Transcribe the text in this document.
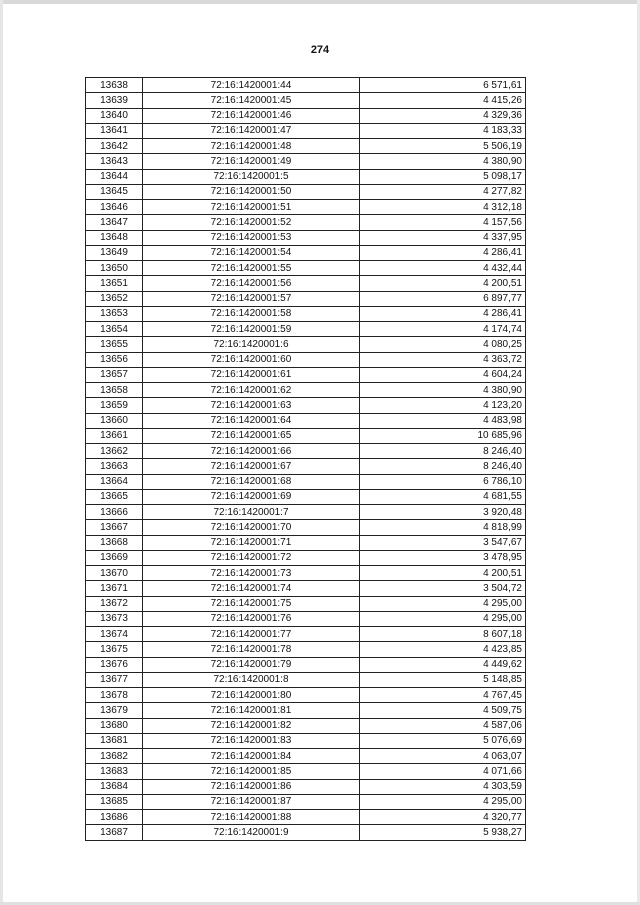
274
13638	72:16:1420001:44	6 571,61
13639	72:16:1420001:45	4 415,26
13640	72:16:1420001:46	4 329,36
13641	72:16:1420001:47	4 183,33
13642	72:16:1420001:48	5 506,19
13643	72:16:1420001:49	4 380,90
13644	72:16:1420001:5	5 098,17
13645	72:16:1420001:50	4 277,82
13646	72:16:1420001:51	4 312,18
13647	72:16:1420001:52	4 157,56
13648	72:16:1420001:53	4 337,95
13649	72:16:1420001:54	4 286,41
13650	72:16:1420001:55	4 432,44
13651	72:16:1420001:56	4 200,51
13652	72:16:1420001:57	6 897,77
13653	72:16:1420001:58	4 286,41
13654	72:16:1420001:59	4 174,74
13655	72:16:1420001:6	4 080,25
13656	72:16:1420001:60	4 363,72
13657	72:16:1420001:61	4 604,24
13658	72:16:1420001:62	4 380,90
13659	72:16:1420001:63	4 123,20
13660	72:16:1420001:64	4 483,98
13661	72:16:1420001:65	10 685,96
13662	72:16:1420001:66	8 246,40
13663	72:16:1420001:67	8 246,40
13664	72:16:1420001:68	6 786,10
13665	72:16:1420001:69	4 681,55
13666	72:16:1420001:7	3 920,48
13667	72:16:1420001:70	4 818,99
13668	72:16:1420001:71	3 547,67
13669	72:16:1420001:72	3 478,95
13670	72:16:1420001:73	4 200,51
13671	72:16:1420001:74	3 504,72
13672	72:16:1420001:75	4 295,00
13673	72:16:1420001:76	4 295,00
13674	72:16:1420001:77	8 607,18
13675	72:16:1420001:78	4 423,85
13676	72:16:1420001:79	4 449,62
13677	72:16:1420001:8	5 148,85
13678	72:16:1420001:80	4 767,45
13679	72:16:1420001:81	4 509,75
13680	72:16:1420001:82	4 587,06
13681	72:16:1420001:83	5 076,69
13682	72:16:1420001:84	4 063,07
13683	72:16:1420001:85	4 071,66
13684	72:16:1420001:86	4 303,59
13685	72:16:1420001:87	4 295,00
13686	72:16:1420001:88	4 320,77
13687	72:16:1420001:9	5 938,27
